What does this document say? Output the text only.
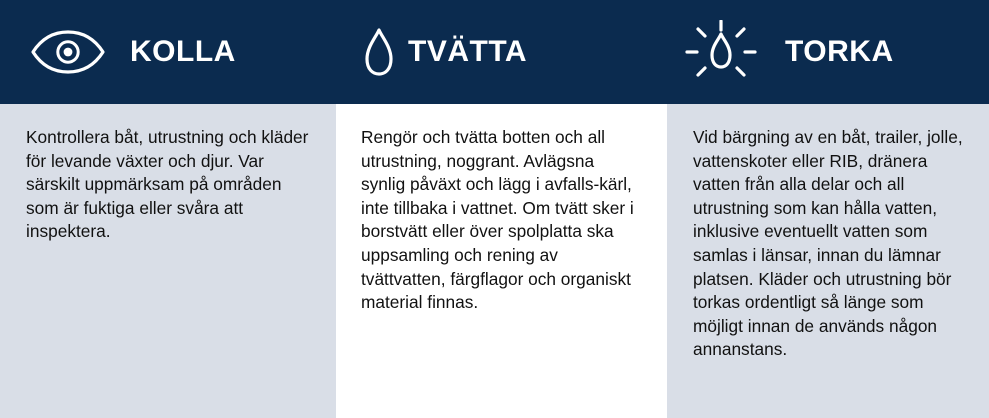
KOLLA

Kontrollera båt, utrustning och kläder för levande växter och djur. Var särskilt uppmärksam på områden som är fuktiga eller svåra att inspektera.

TVÄTTA

Rengör och tvätta botten och all utrustning, noggrant. Avlägsna synlig påväxt och lägg i avfalls-kärl, inte tillbaka i vattnet. Om tvätt sker i borstvätt eller över spolplatta ska uppsamling och rening av tvättvatten, färgflagor och organiskt material finnas.

TORKA

Vid bärgning av en båt, trailer, jolle, vattenskoter eller RIB, dränera vatten från alla delar och all utrustning som kan hålla vatten, inklusive eventuellt vatten som samlas i länsar, innan du lämnar platsen. Kläder och utrustning bör torkas ordentligt så länge som möjligt innan de används någon annanstans.
